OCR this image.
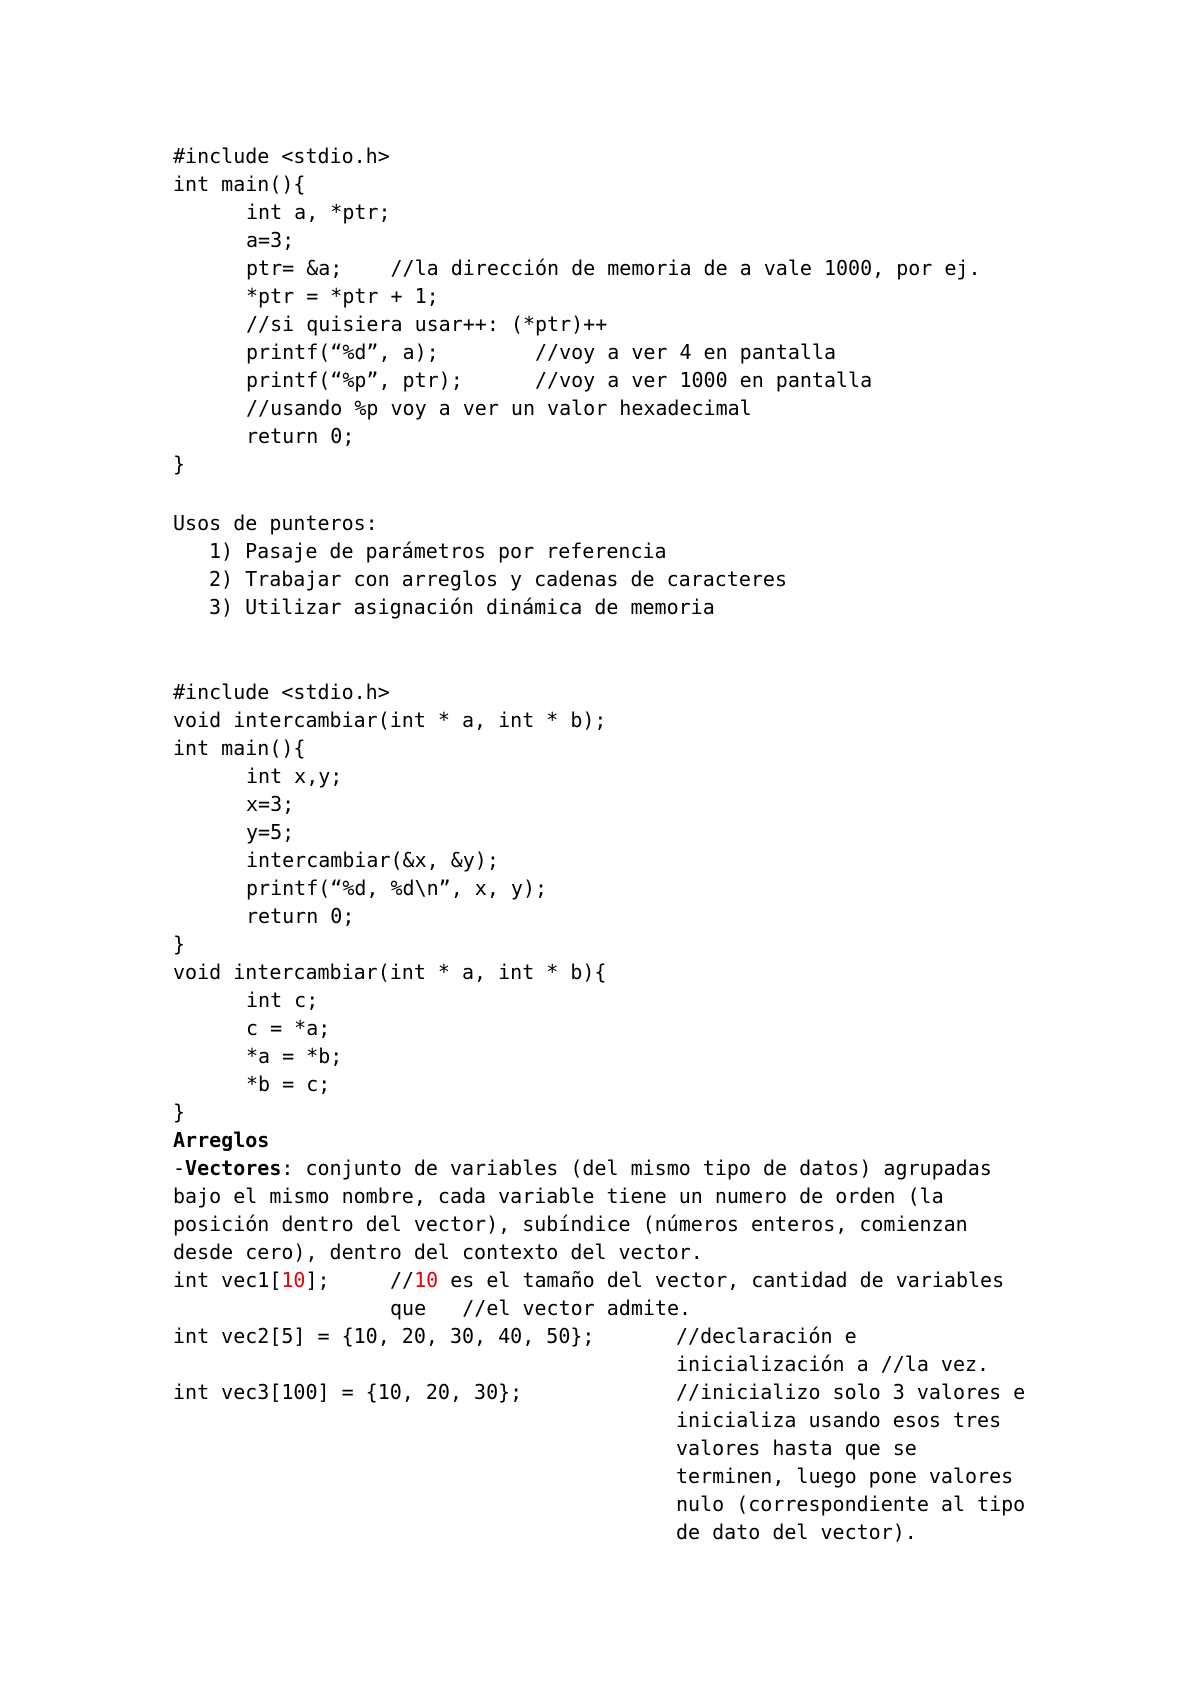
#include <stdio.h>
int main(){
int a, *ptr;
a=3;
ptr= &a;    //la dirección de memoria de a vale 1000, por ej.
*ptr = *ptr + 1;
//si quisiera usar++: (*ptr)++
printf(“%d”, a);        //voy a ver 4 en pantalla
printf(“%p”, ptr);      //voy a ver 1000 en pantalla
//usando %p voy a ver un valor hexadecimal
return 0;
}
Usos de punteros:
1) Pasaje de parámetros por referencia
2) Trabajar con arreglos y cadenas de caracteres
3) Utilizar asignación dinámica de memoria
#include <stdio.h>
void intercambiar(int * a, int * b);
int main(){
int x,y;
x=3;
y=5;
intercambiar(&x, &y);
printf(“%d, %d\n”, x, y);
return 0;
}
void intercambiar(int * a, int * b){
int c;
c = *a;
*a = *b;
*b = c;
}
Arreglos
-Vectores: conjunto de variables (del mismo tipo de datos) agrupadas
bajo el mismo nombre, cada variable tiene un numero de orden (la
posición dentro del vector), subíndice (números enteros, comienzan
desde cero), dentro del contexto del vector.
int vec1[10];	//10 es el tamaño del vector, cantidad de variables
que   //el vector admite.
int vec2[5] = {10, 20, 30, 40, 50};	//declaración e
inicialización a //la vez.
int vec3[100] = {10, 20, 30};	//inicializo solo 3 valores e
inicializa usando esos tres
valores hasta que se
terminen, luego pone valores
nulo (correspondiente al tipo
de dato del vector).
